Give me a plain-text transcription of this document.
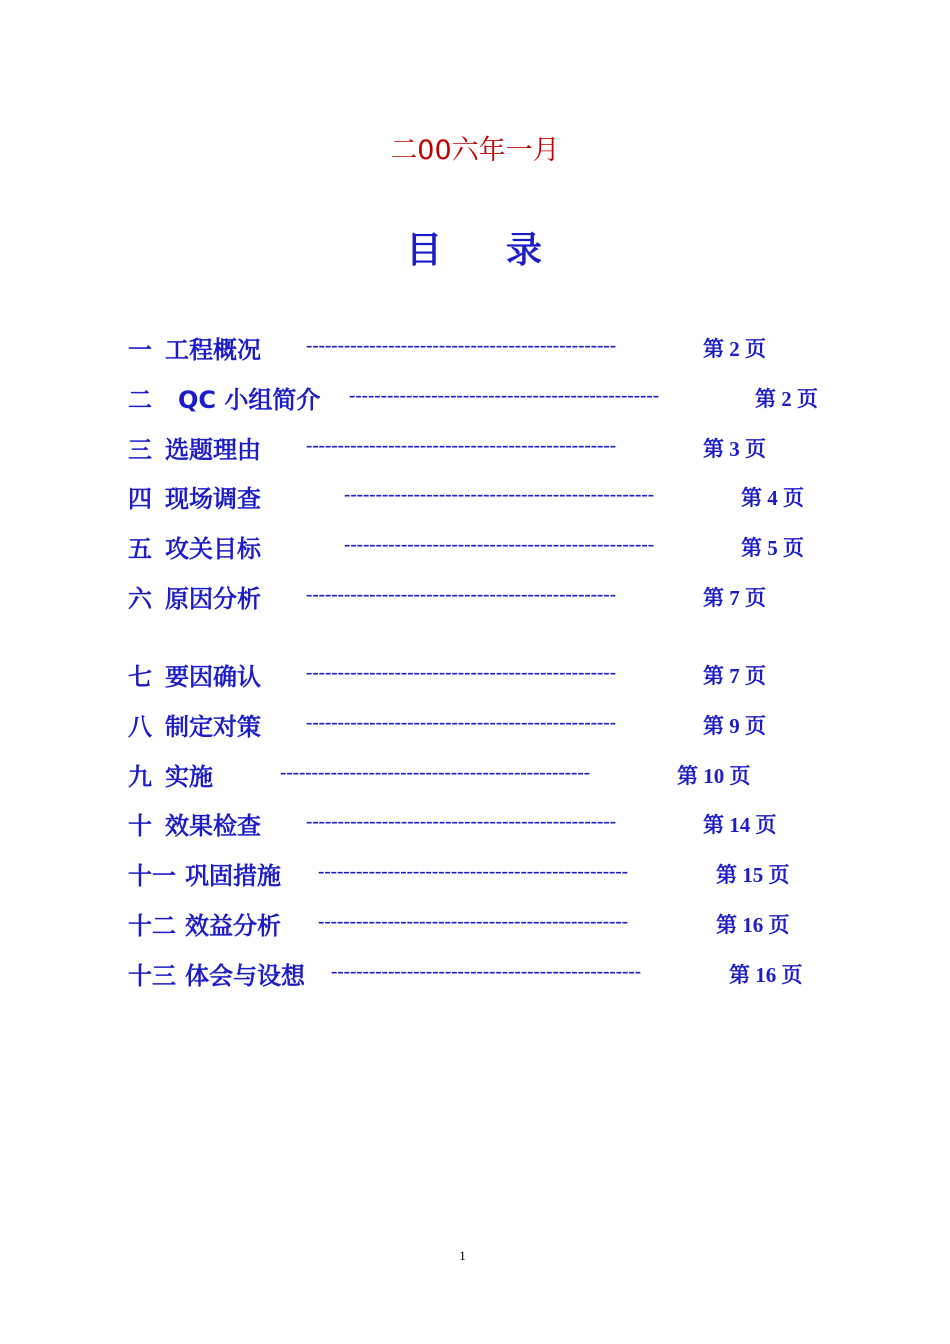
二00六年一月
目 录
一 工程概况 -------------------------------------------------	第 2 页
二 QC 小组简介 -------------------------------------------------	第 2 页
三 选题理由 -------------------------------------------------	第 3 页
四 现场调查	-------------------------------------------------	第 4 页
五 攻关目标	-------------------------------------------------	第 5 页
六 原因分析 -------------------------------------------------	第 7 页
七 要因确认 -------------------------------------------------	第 7 页
八 制定对策 -------------------------------------------------	第 9 页
九 实施	-------------------------------------------------	第 10 页
十 效果检查 -------------------------------------------------	第 14 页
十一 巩固措施 -------------------------------------------------	第 15 页
十二 效益分析 -------------------------------------------------	第 16 页
十三 体会与设想 -------------------------------------------------	第 16 页
1
